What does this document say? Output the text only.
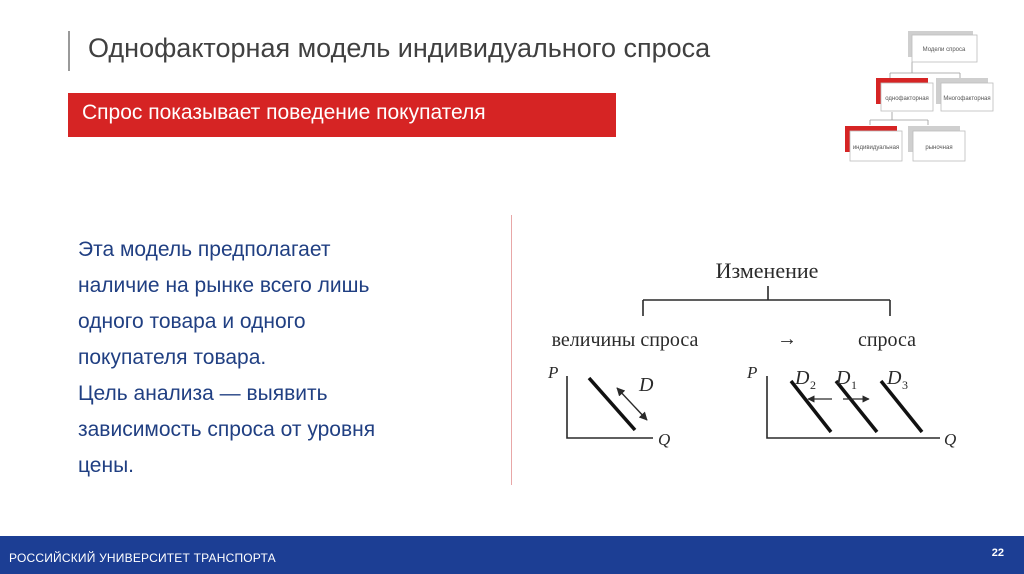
Однофакторная модель индивидуального спроса
Спрос показывает поведение покупателя
Модели спроса
однофакторная Многофакторная
индивидуальная	рыночная
Эта модель предполагает
наличие на рынке всего лишь
одного товара и одного
покупателя товара.
Цель анализа — выявить
зависимость спроса от уровня
цены.
Изменение
величины спроса	→	спроса
P
Q
D
P
Q
D 2 D 1 D 3
РОССИЙСКИЙ УНИВЕРСИТЕТ ТРАНСПОРТА	22
